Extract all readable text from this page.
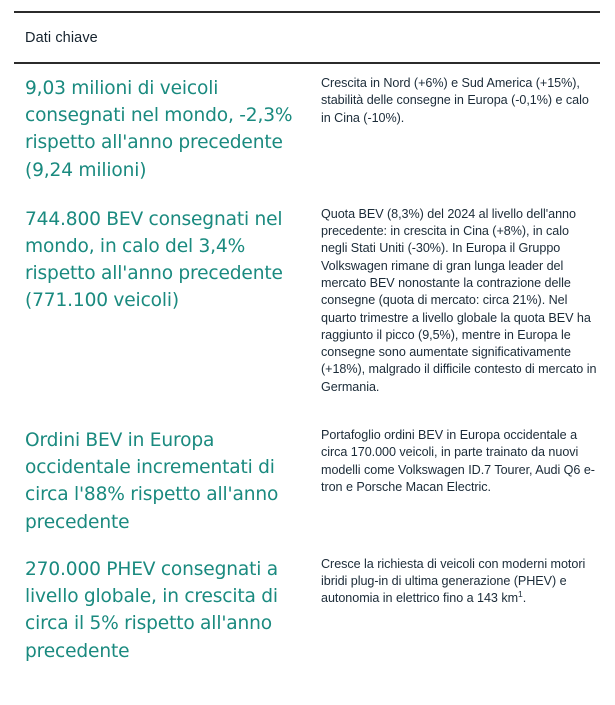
Dati chiave

9,03 milioni di veicoli consegnati nel mondo, -2,3% rispetto all'anno precedente (9,24 milioni)

Crescita in Nord (+6%) e Sud America (+15%), stabilità delle consegne in Europa (-0,1%) e calo in Cina (-10%).

744.800 BEV consegnati nel mondo, in calo del 3,4% rispetto all'anno precedente (771.100 veicoli)

Quota BEV (8,3%) del 2024 al livello dell'anno precedente: in crescita in Cina (+8%), in calo negli Stati Uniti (-30%). In Europa il Gruppo Volkswagen rimane di gran lunga leader del mercato BEV nonostante la contrazione delle consegne (quota di mercato: circa 21%). Nel quarto trimestre a livello globale la quota BEV ha raggiunto il picco (9,5%), mentre in Europa le consegne sono aumentate significativamente (+18%), malgrado il difficile contesto di mercato in Germania.

Ordini BEV in Europa occidentale incrementati di circa l'88% rispetto all'anno precedente

Portafoglio ordini BEV in Europa occidentale a circa 170.000 veicoli, in parte trainato da nuovi modelli come Volkswagen ID.7 Tourer, Audi Q6 e-tron e Porsche Macan Electric.

270.000 PHEV consegnati a livello globale, in crescita di circa il 5% rispetto all'anno precedente

Cresce la richiesta di veicoli con moderni motori ibridi plug-in di ultima generazione (PHEV) e autonomia in elettrico fino a 143 $km^1$.
